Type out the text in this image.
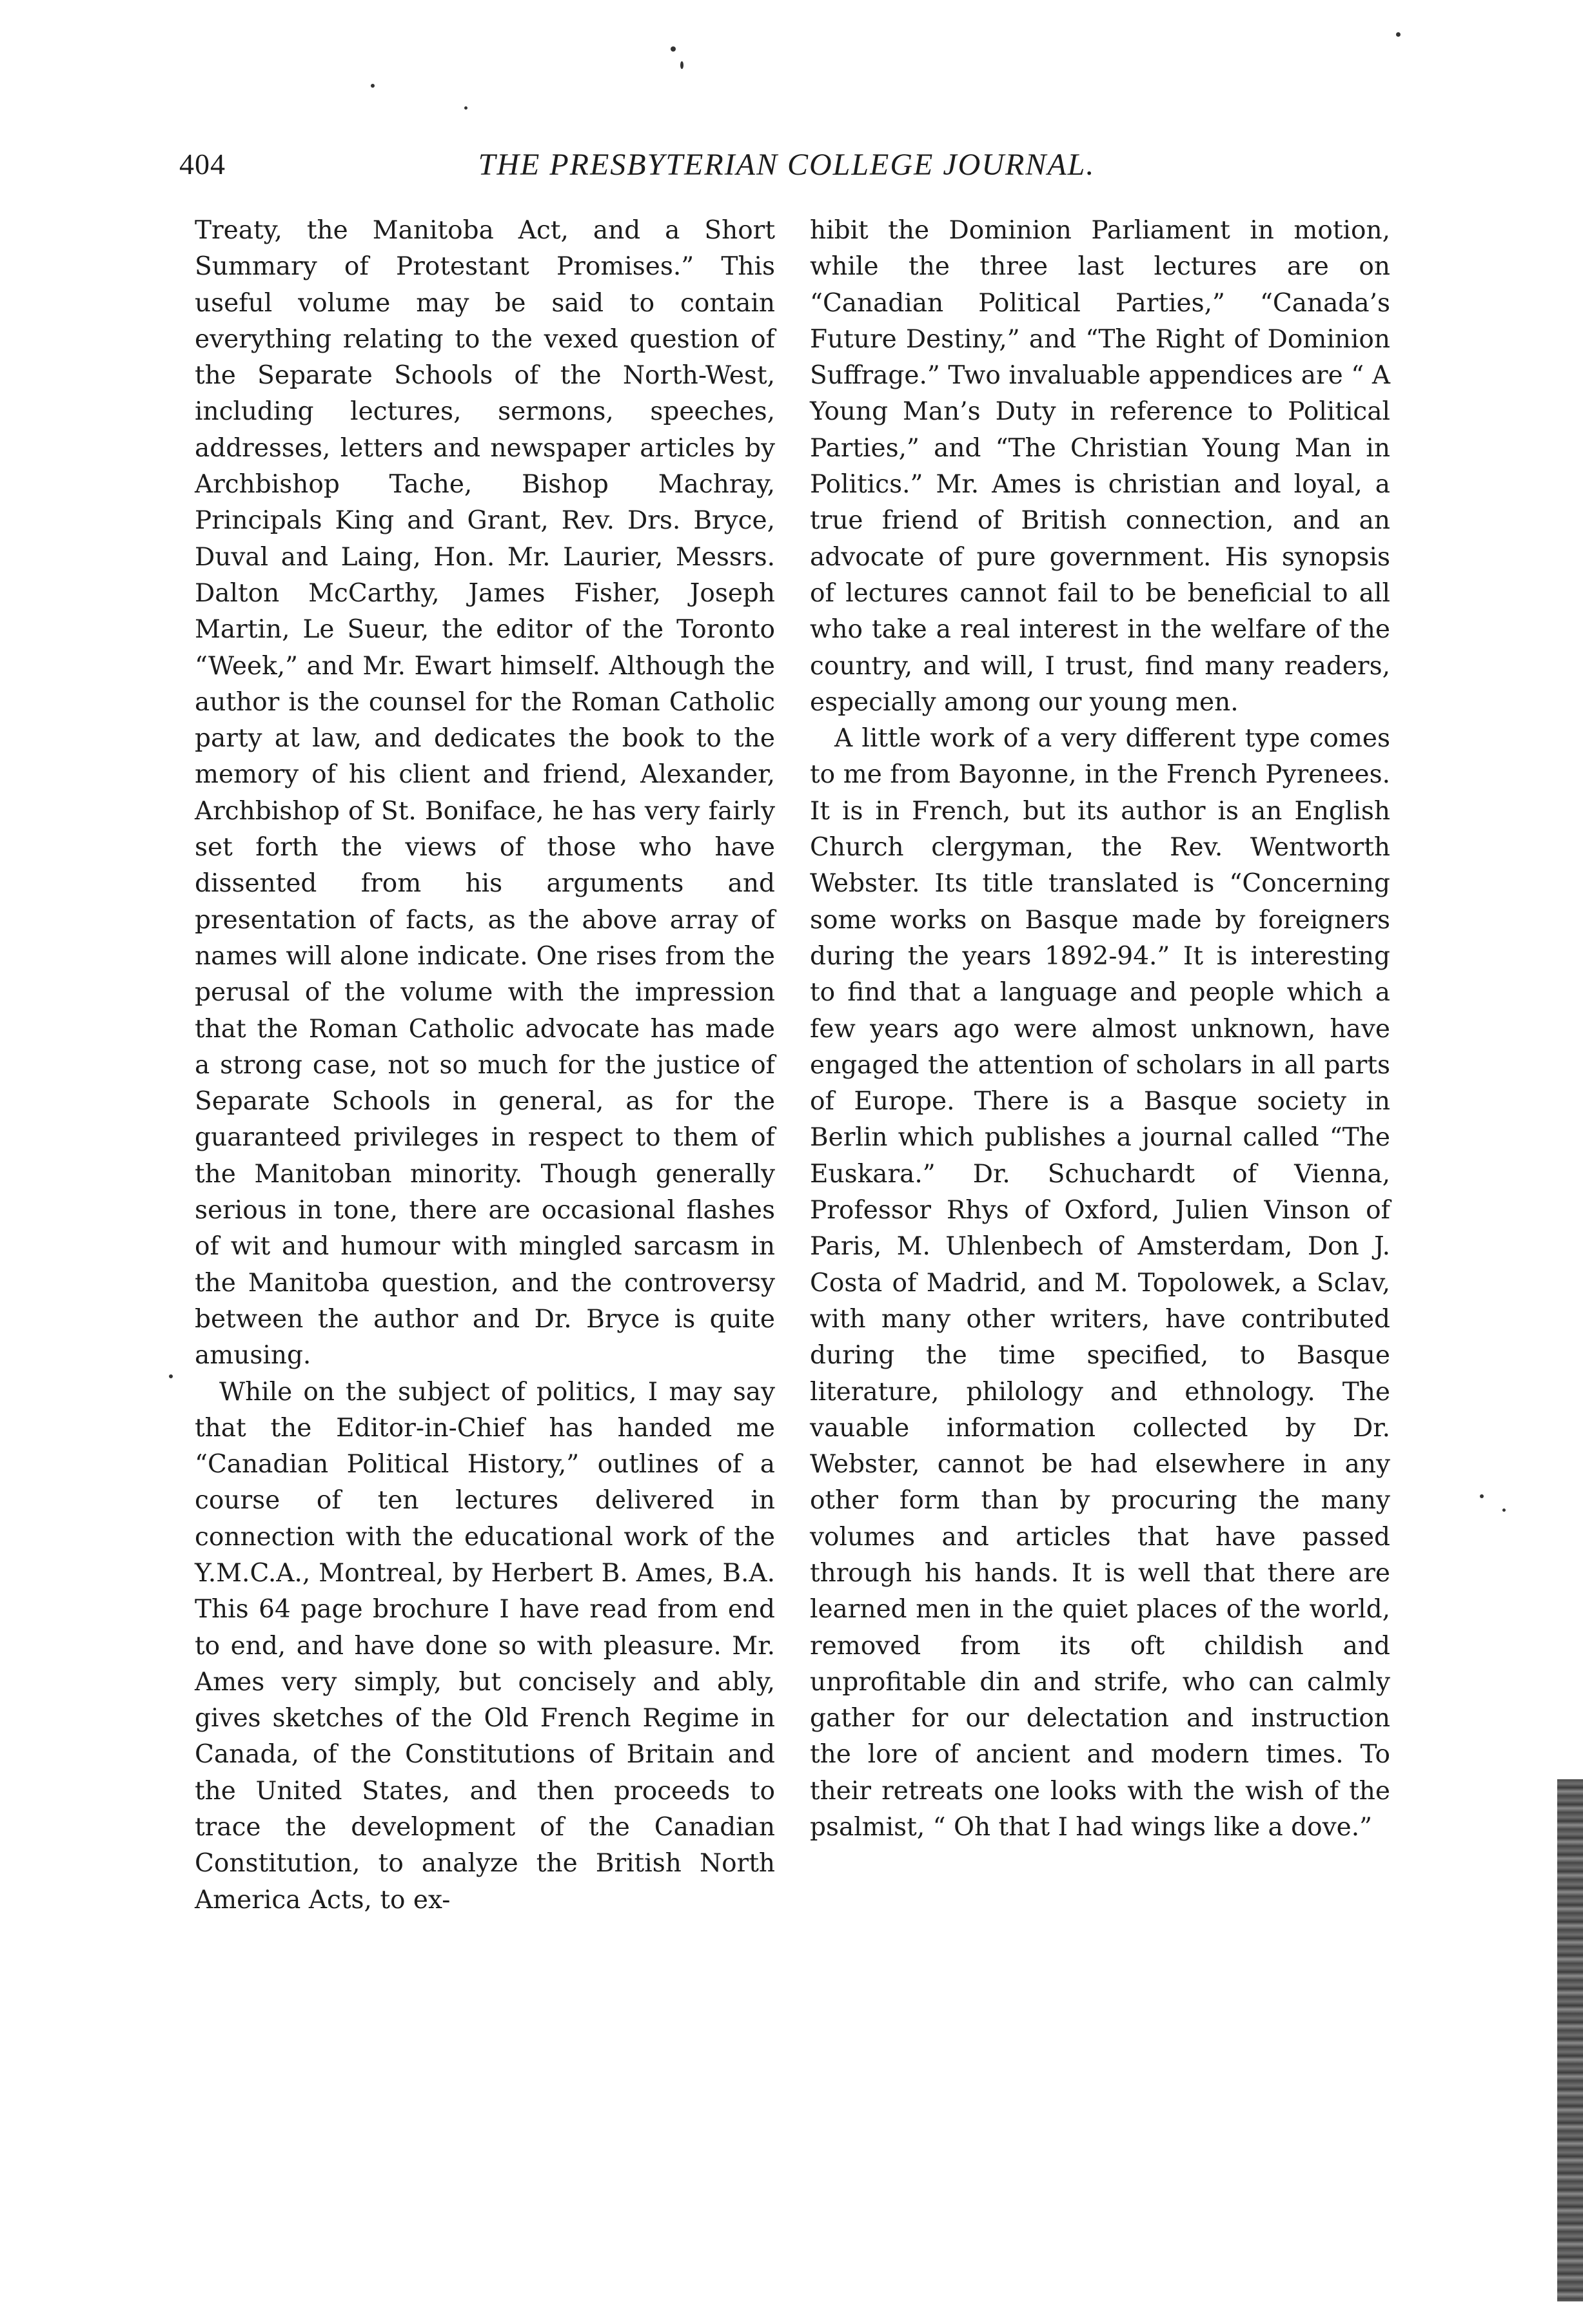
404	THE PRESBYTERIAN COLLEGE JOURNAL.

Treaty, the Manitoba Act, and a Short Summary of Protestant Promises.” This useful volume may be said to contain everything relating to the vexed question of the Separate Schools of the North-West, including lectures, sermons, speeches, addresses, letters and newspaper articles by Archbishop Tache, Bishop Machray, Principals King and Grant, Rev. Drs. Bryce, Duval and Laing, Hon. Mr. Laurier, Messrs. Dalton McCarthy, James Fisher, Joseph Martin, Le Sueur, the editor of the Toronto “Week,” and Mr. Ewart himself. Although the author is the counsel for the Roman Catholic party at law, and dedicates the book to the memory of his client and friend, Alexander, Archbishop of St. Boniface, he has very fairly set forth the views of those who have dissented from his arguments and presentation of facts, as the above array of names will alone indicate. One rises from the perusal of the volume with the impression that the Roman Catholic advocate has made a strong case, not so much for the justice of Separate Schools in general, as for the guaranteed privileges in respect to them of the Manitoban minority. Though generally serious in tone, there are occasional flashes of wit and humour with mingled sarcasm in the Manitoba question, and the controversy between the author and Dr. Bryce is quite amusing.

While on the subject of politics, I may say that the Editor-in-Chief has handed me “Canadian Political History,” outlines of a course of ten lectures delivered in connection with the educational work of the Y.M.C.A., Montreal, by Herbert B. Ames, B.A. This 64 page brochure I have read from end to end, and have done so with pleasure. Mr. Ames very simply, but concisely and ably, gives sketches of the Old French Regime in Canada, of the Constitutions of Britain and the United States, and then proceeds to trace the development of the Canadian Constitution, to analyze the British North America Acts, to ex-

hibit the Dominion Parliament in motion, while the three last lectures are on “Canadian Political Parties,” “Canada’s Future Destiny,” and “The Right of Dominion Suffrage.” Two invaluable appendices are “ A Young Man’s Duty in reference to Political Parties,” and “The Christian Young Man in Politics.” Mr. Ames is christian and loyal, a true friend of British connection, and an advocate of pure government. His synopsis of lectures cannot fail to be beneficial to all who take a real interest in the welfare of the country, and will, I trust, find many readers, especially among our young men.

A little work of a very different type comes to me from Bayonne, in the French Pyrenees. It is in French, but its author is an English Church clergyman, the Rev. Wentworth Webster. Its title translated is “Concerning some works on Basque made by foreigners during the years 1892-94.” It is interesting to find that a language and people which a few years ago were almost unknown, have engaged the attention of scholars in all parts of Europe. There is a Basque society in Berlin which publishes a journal called “The Euskara.” Dr. Schuchardt of Vienna, Professor Rhys of Oxford, Julien Vinson of Paris, M. Uhlenbech of Amsterdam, Don J. Costa of Madrid, and M. Topolowek, a Sclav, with many other writers, have contributed during the time specified, to Basque literature, philology and ethnology. The vauable information collected by Dr. Webster, cannot be had elsewhere in any other form than by procuring the many volumes and articles that have passed through his hands. It is well that there are learned men in the quiet places of the world, removed from its oft childish and unprofitable din and strife, who can calmly gather for our delectation and instruction the lore of ancient and modern times. To their retreats one looks with the wish of the psalmist, “ Oh that I had wings like a dove.”
